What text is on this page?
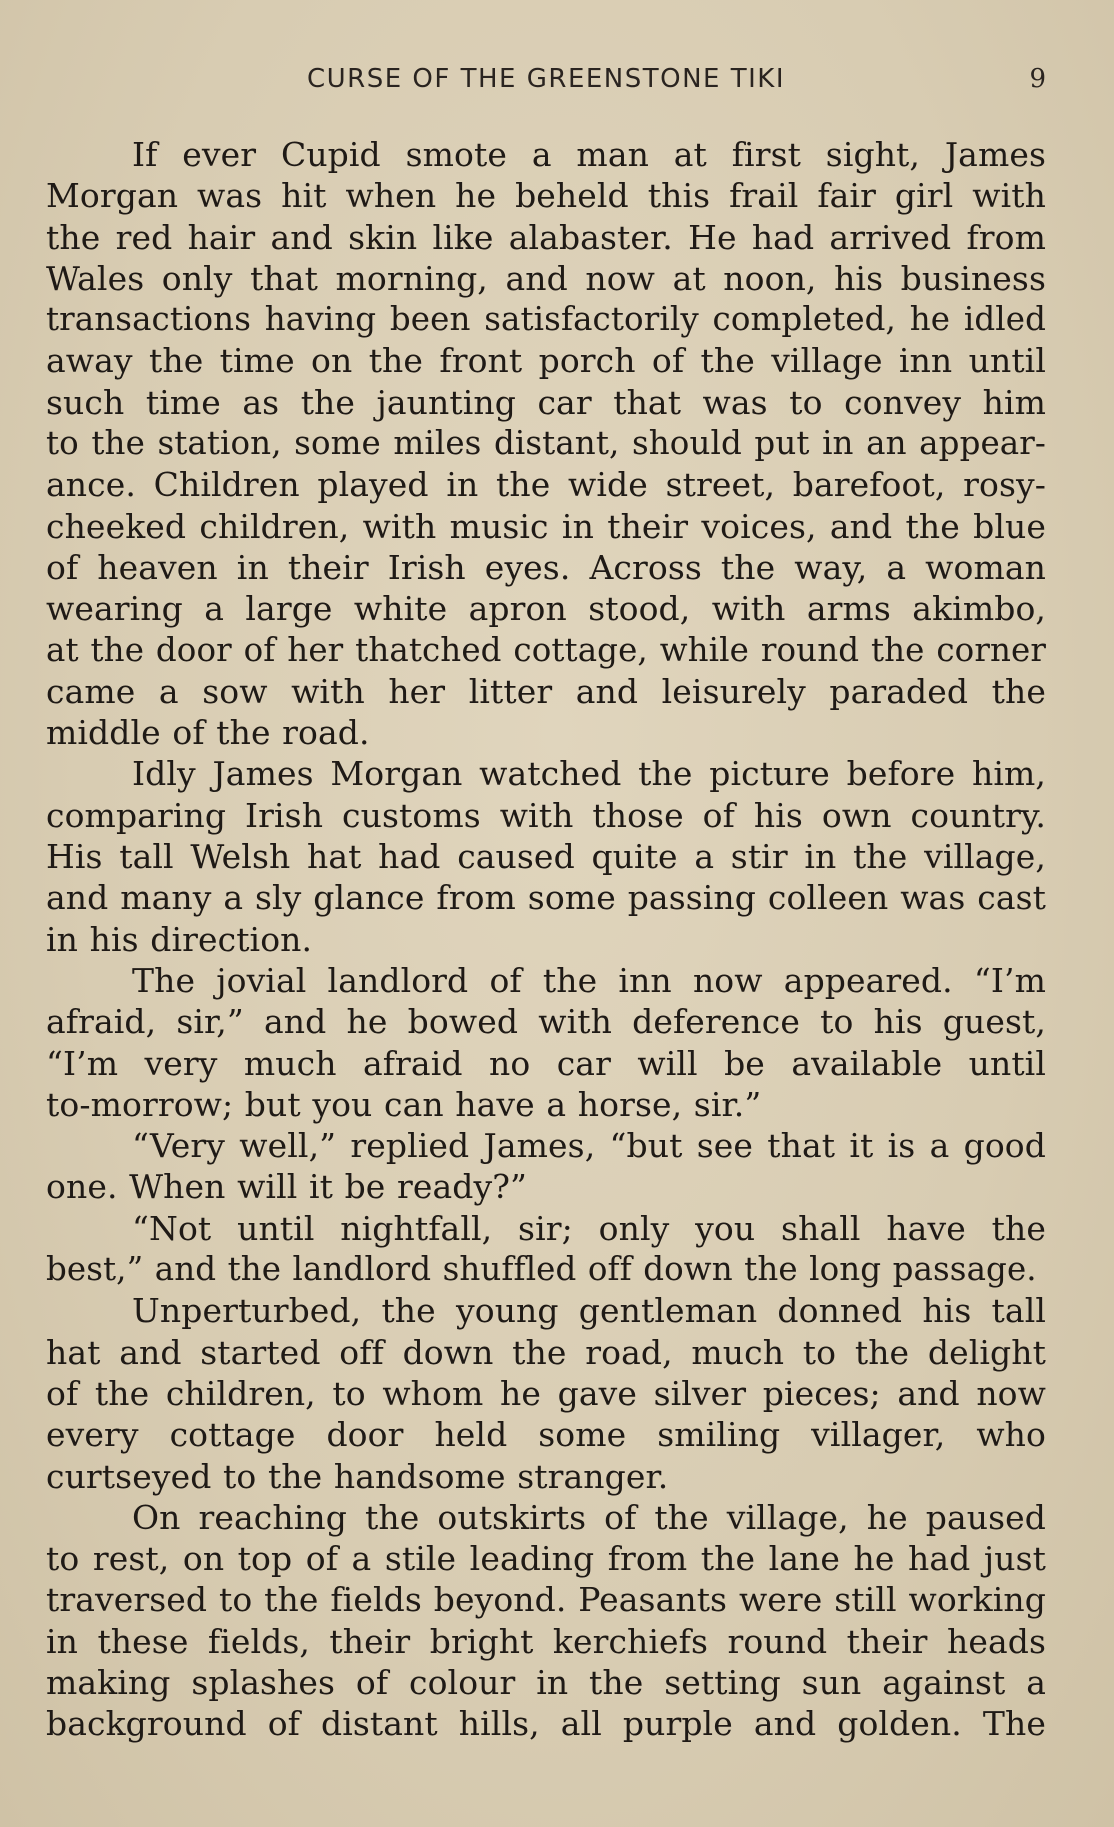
CURSE OF THE GREENSTONE TIKI	9
If ever Cupid smote a man at first sight, James
Morgan was hit when he beheld this frail fair girl with
the red hair and skin like alabaster. He had arrived from
Wales only that morning, and now at noon, his business
transactions having been satisfactorily completed, he idled
away the time on the front porch of the village inn until
such time as the jaunting car that was to convey him
to the station, some miles distant, should put in an appear-
ance. Children played in the wide street, barefoot, rosy-
cheeked children, with music in their voices, and the blue
of heaven in their Irish eyes. Across the way, a woman
wearing a large white apron stood, with arms akimbo,
at the door of her thatched cottage, while round the corner
came a sow with her litter and leisurely paraded the
middle of the road.
Idly James Morgan watched the picture before him,
comparing Irish customs with those of his own country.
His tall Welsh hat had caused quite a stir in the village,
and many a sly glance from some passing colleen was cast
in his direction.
The jovial landlord of the inn now appeared. “I’m
afraid, sir,” and he bowed with deference to his guest,
“I’m very much afraid no car will be available until
to-morrow; but you can have a horse, sir.”
“Very well,” replied James, “but see that it is a good
one. When will it be ready?”
“Not until nightfall, sir; only you shall have the
best,” and the landlord shuffled off down the long passage.
Unperturbed, the young gentleman donned his tall
hat and started off down the road, much to the delight
of the children, to whom he gave silver pieces; and now
every cottage door held some smiling villager, who
curtseyed to the handsome stranger.
On reaching the outskirts of the village, he paused
to rest, on top of a stile leading from the lane he had just
traversed to the fields beyond. Peasants were still working
in these fields, their bright kerchiefs round their heads
making splashes of colour in the setting sun against a
background of distant hills, all purple and golden. The
